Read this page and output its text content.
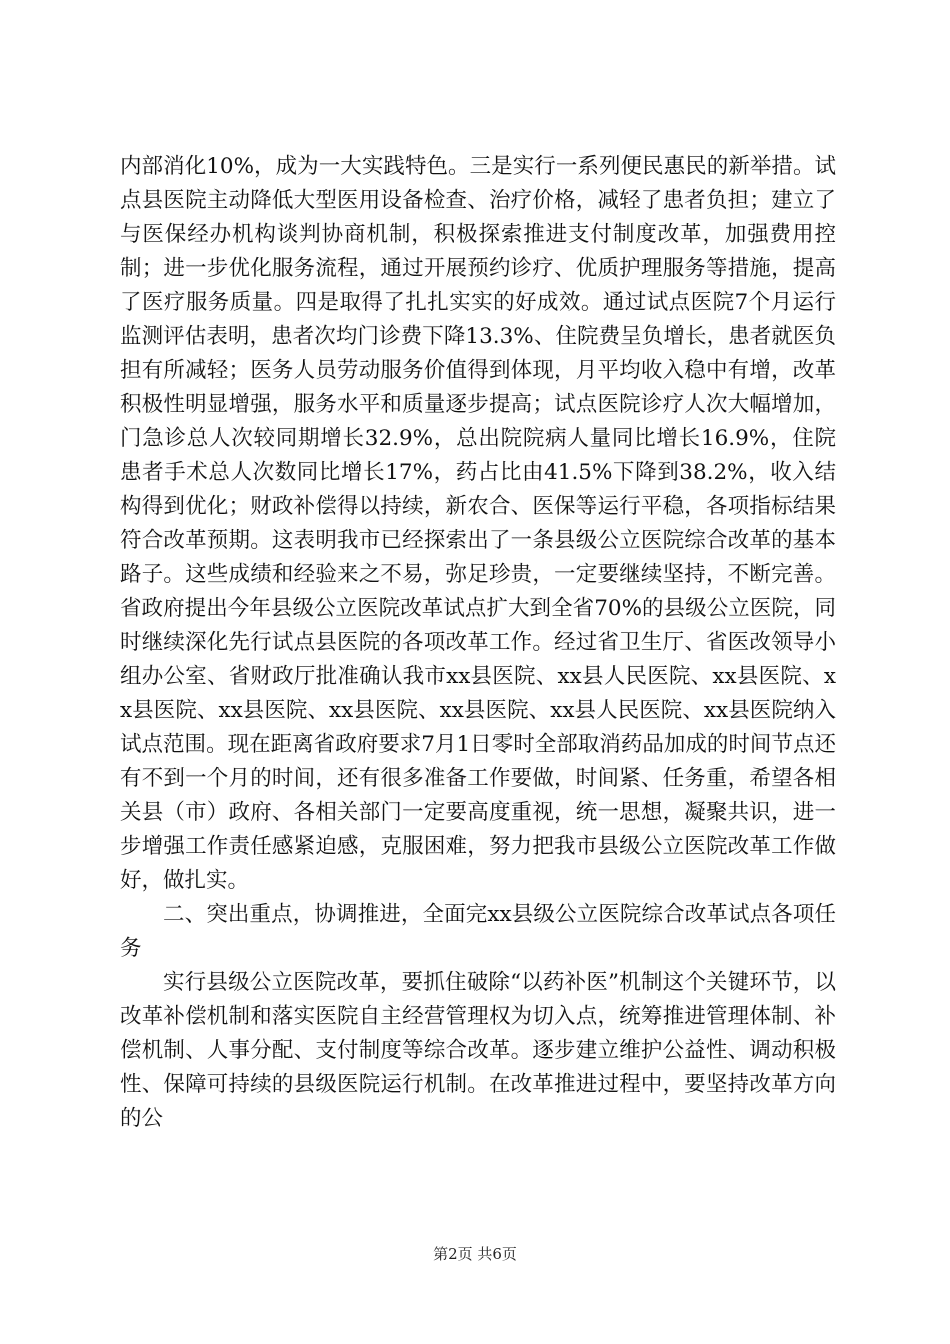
内部消化10%，成为一大实践特色。三是实行一系列便民惠民的新举措。试点县医院主动降低大型医用设备检查、治疗价格，减轻了患者负担；建立了与医保经办机构谈判协商机制，积极探索推进支付制度改革，加强费用控制；进一步优化服务流程，通过开展预约诊疗、优质护理服务等措施，提高了医疗服务质量。四是取得了扎扎实实的好成效。通过试点医院7个月运行监测评估表明，患者次均门诊费下降13.3%、住院费呈负增长，患者就医负担有所减轻；医务人员劳动服务价值得到体现，月平均收入稳中有增，改革积极性明显增强，服务水平和质量逐步提高；试点医院诊疗人次大幅增加，门急诊总人次较同期增长32.9%，总出院院病人量同比增长16.9%，住院患者手术总人次数同比增长17%，药占比由41.5%下降到38.2%，收入结构得到优化；财政补偿得以持续，新农合、医保等运行平稳，各项指标结果符合改革预期。这表明我市已经探索出了一条县级公立医院综合改革的基本路子。这些成绩和经验来之不易，弥足珍贵，一定要继续坚持，不断完善。省政府提出今年县级公立医院改革试点扩大到全省70%的县级公立医院，同时继续深化先行试点县医院的各项改革工作。经过省卫生厅、省医改领导小组办公室、省财政厅批准确认我市xx县医院、xx县人民医院、xx县医院、xx县医院、xx县医院、xx县医院、xx县医院、xx县人民医院、xx县医院纳入试点范围。现在距离省政府要求7月1日零时全部取消药品加成的时间节点还有不到一个月的时间，还有很多准备工作要做，时间紧、任务重，希望各相关县（市）政府、各相关部门一定要高度重视，统一思想，凝聚共识，进一步增强工作责任感紧迫感，克服困难，努力把我市县级公立医院改革工作做好，做扎实。

二、突出重点，协调推进，全面完xx县级公立医院综合改革试点各项任务

实行县级公立医院改革，要抓住破除“以药补医”机制这个关键环节，以改革补偿机制和落实医院自主经营管理权为切入点，统筹推进管理体制、补偿机制、人事分配、支付制度等综合改革。逐步建立维护公益性、调动积极性、保障可持续的县级医院运行机制。在改革推进过程中，要坚持改革方向的公

第2页 共6页
